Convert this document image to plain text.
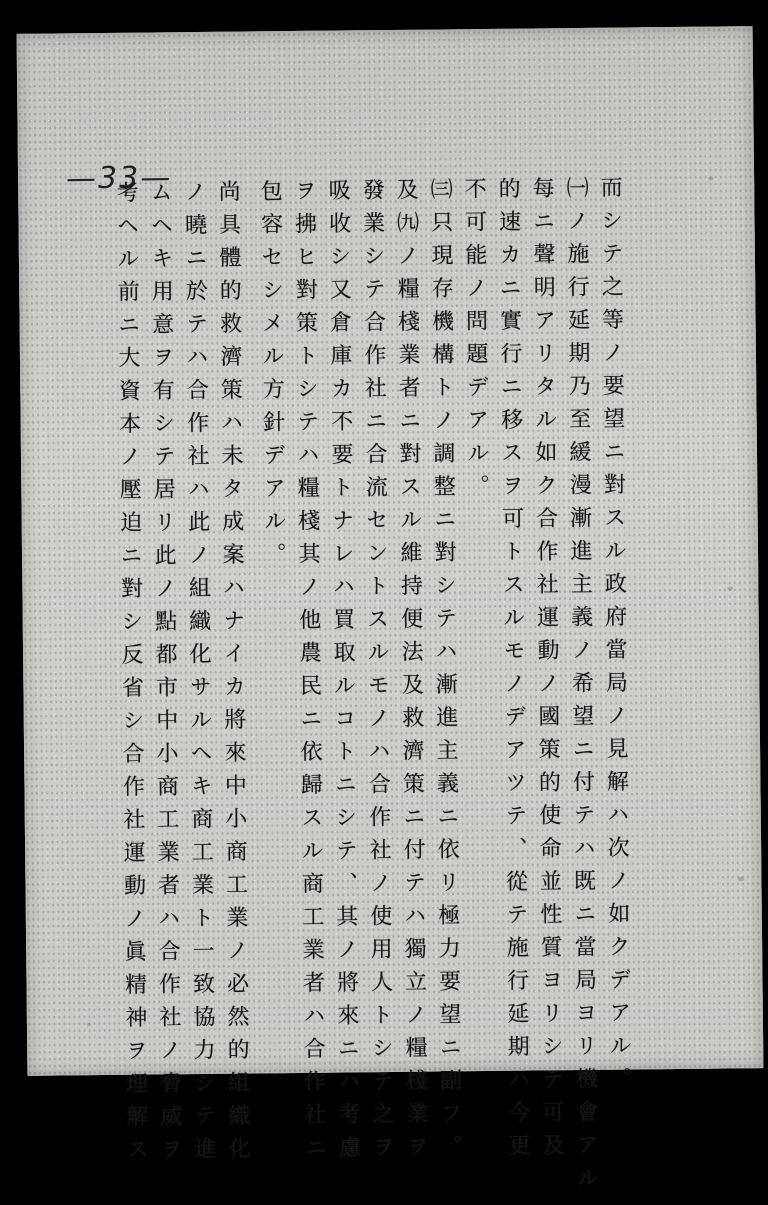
—33—	而シテ之等ノ要望ニ對スル政府當局ノ見解ハ次ノ如クデアル。
㈠ノ施行延期乃至緩漫漸進主義ノ希望ニ付テハ既ニ當局ヨリ機會アル
每ニ聲明アリタル如ク合作社運動ノ國策的使命並性質ヨリシテ可及
的速カニ實行ニ移スヲ可トスルモノデアツテ、從テ施行延期ハ今更
不可能ノ問題デアル。
㈢只現存機構トノ調整ニ對シテハ漸進主義ニ依リ極力要望ニ副フ。
及㈨ノ糧棧業者ニ對スル維持便法及救濟策ニ付テハ獨立ノ糧棧業ヲ
發業シテ合作社ニ合流セントスルモノハ合作社ノ使用人トシテ之ヲ
吸收シ又倉庫カ不要トナレハ買取ルコトニシテ、其ノ將來ニハ考慮
ヲ拂ヒ對策トシテハ糧棧其ノ他農民ニ依歸スル商工業者ハ合作社ニ
包容セシメル方針デアル。
尚具體的救濟策ハ未タ成案ハナイカ將來中小商工業ノ必然的組織化
ノ曉ニ於テハ合作社ハ此ノ組織化サルヘキ商工業ト一致協力シテ進
ムヘキ用意ヲ有シテ居リ此ノ點都市中小商工業者ハ合作社ノ脅威ヲ
考ヘル前ニ大資本ノ壓迫ニ對シ反省シ合作社運動ノ眞精神ヲ理解ス
